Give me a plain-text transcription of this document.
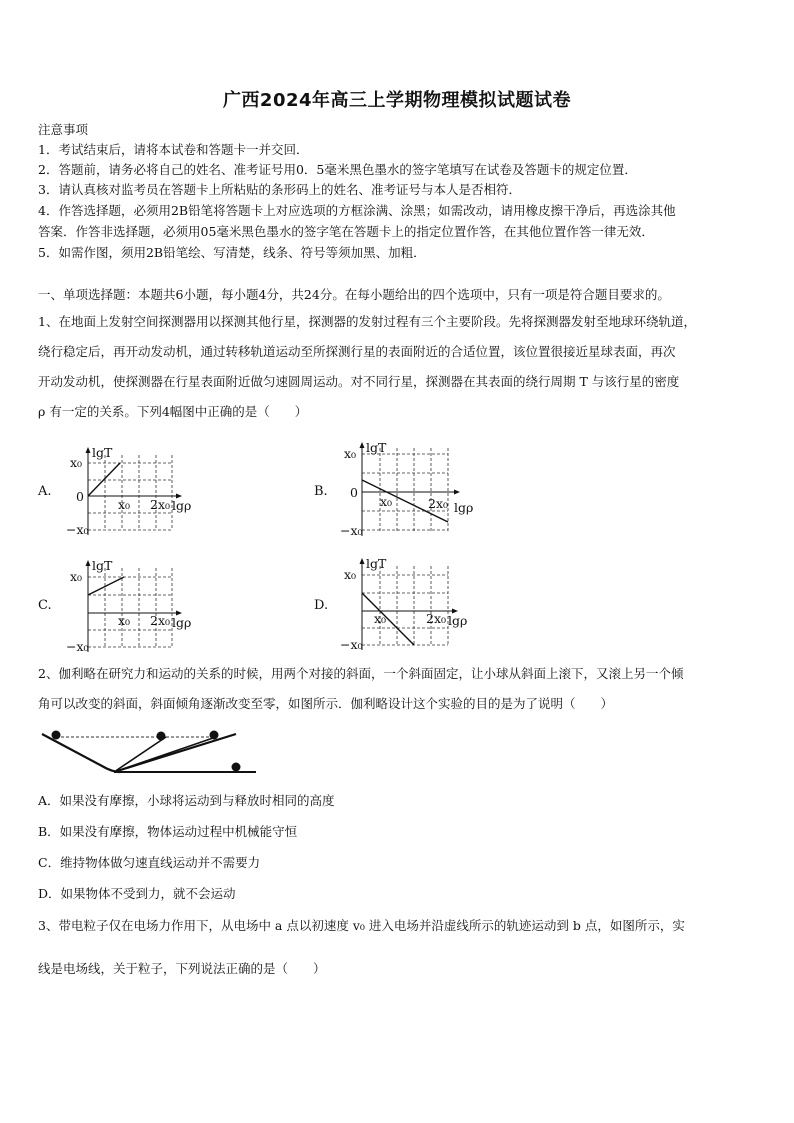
广西2024年高三上学期物理模拟试题试卷
注意事项
1．考试结束后，请将本试卷和答题卡一并交回．
2．答题前，请务必将自己的姓名、准考证号用0．5毫米黑色墨水的签字笔填写在试卷及答题卡的规定位置．
3．请认真核对监考员在答题卡上所粘贴的条形码上的姓名、准考证号与本人是否相符．
4．作答选择题，必须用2B铅笔将答题卡上对应选项的方框涂满、涂黑；如需改动，请用橡皮擦干净后，再选涂其他
答案．作答非选择题，必须用05毫米黑色墨水的签字笔在答题卡上的指定位置作答，在其他位置作答一律无效．
5．如需作图，须用2B铅笔绘、写清楚，线条、符号等须加黑、加粗．
一、单项选择题：本题共6小题，每小题4分，共24分。在每小题给出的四个选项中，只有一项是符合题目要求的。
1、在地面上发射空间探测器用以探测其他行星，探测器的发射过程有三个主要阶段。先将探测器发射至地球环绕轨道，
绕行稳定后，再开动发动机，通过转移轨道运动至所探测行星的表面附近的合适位置，该位置很接近星球表面，再次
开动发动机，使探测器在行星表面附近做匀速圆周运动。对不同行星，探测器在其表面的绕行周期 T 与该行星的密度
ρ 有一定的关系。下列4幅图中正确的是（　　）
A.
lgT
x₀
0
−x₀
x₀ 2x₀ lgρ
B.
lgT
x₀
0
−x₀
x₀	2x₀ lgρ
C.
lgT
x₀
−x₀
x₀ 2x₀ lgρ
D.
lgT
x₀
−x₀
x₀	2x₀ lgρ
2、伽利略在研究力和运动的关系的时候，用两个对接的斜面，一个斜面固定，让小球从斜面上滚下，又滚上另一个倾
角可以改变的斜面，斜面倾角逐渐改变至零，如图所示．伽利略设计这个实验的目的是为了说明（　　）
A．如果没有摩擦，小球将运动到与释放时相同的高度
B．如果没有摩擦，物体运动过程中机械能守恒
C．维持物体做匀速直线运动并不需要力
D．如果物体不受到力，就不会运动
3、带电粒子仅在电场力作用下，从电场中 a 点以初速度 v₀ 进入电场并沿虚线所示的轨迹运动到 b 点，如图所示，实
线是电场线，关于粒子，下列说法正确的是（　　）
